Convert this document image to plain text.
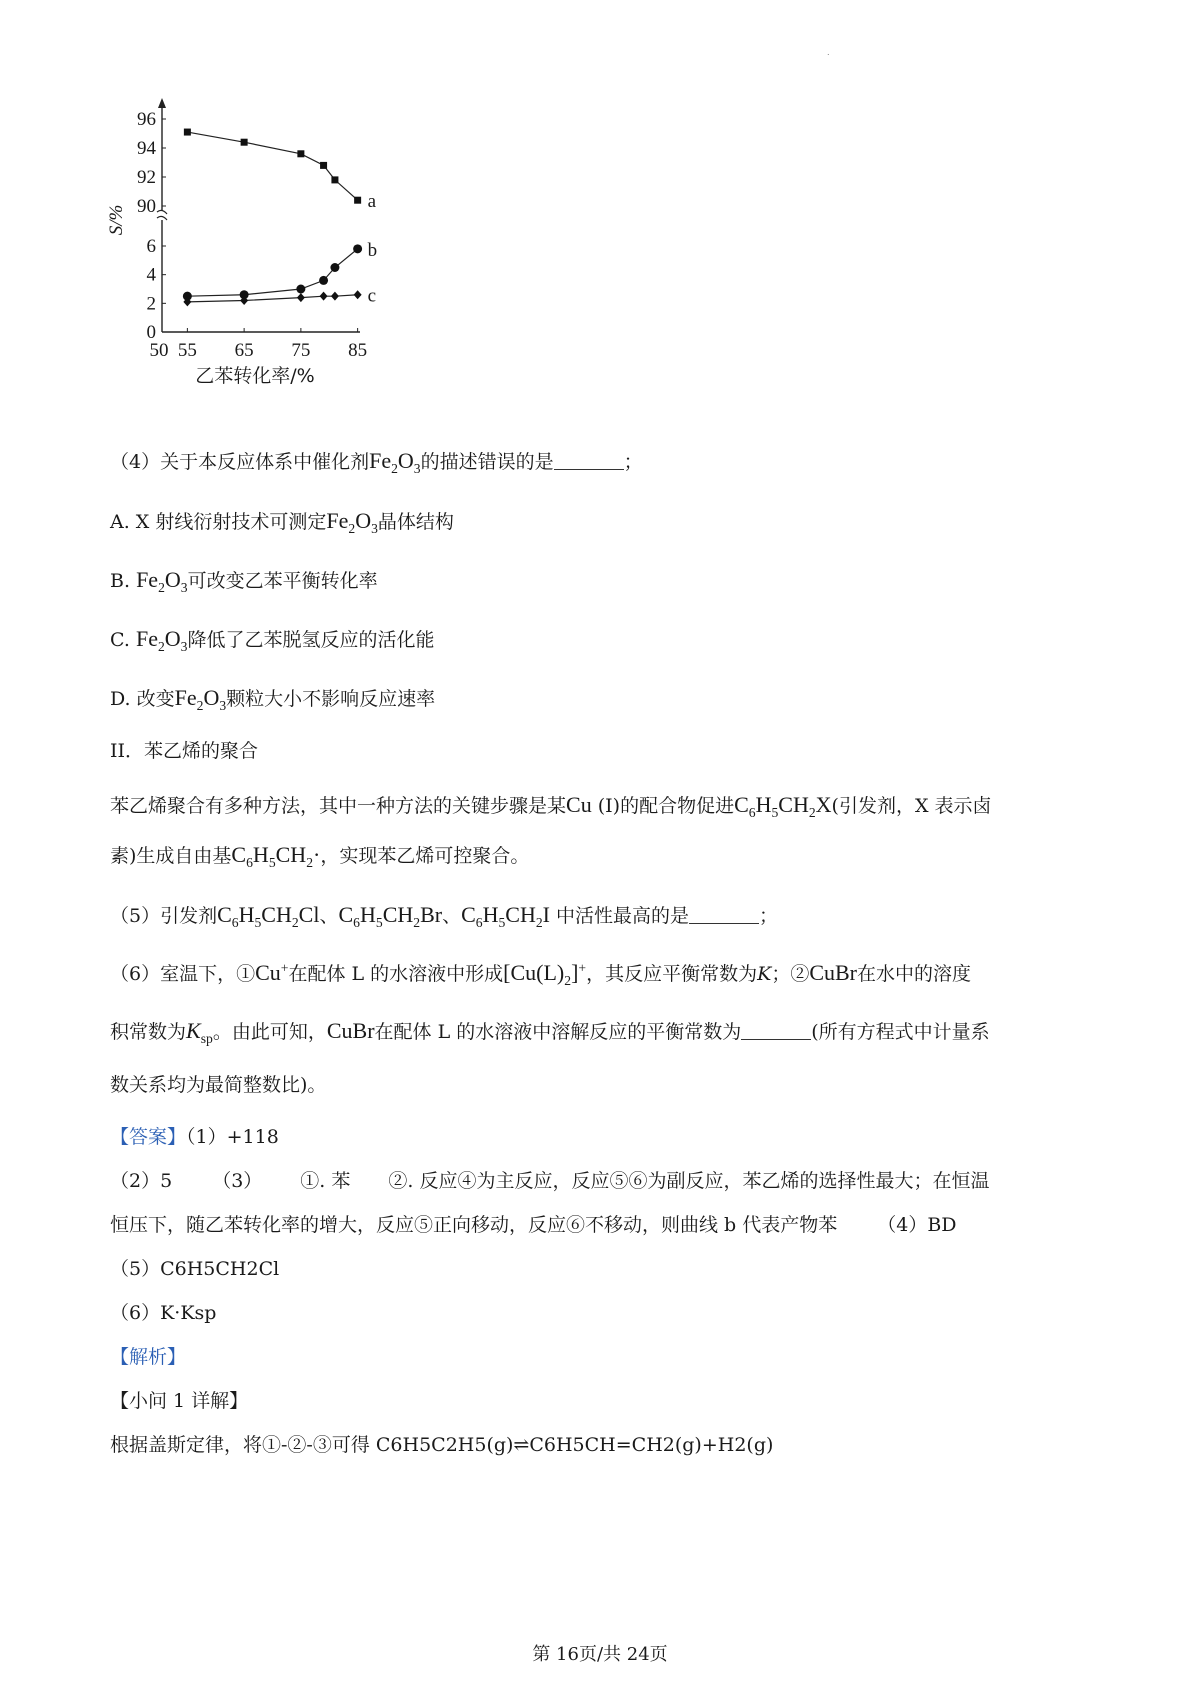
.
0
2
4
6
90
92
94
96
50 55 65 75 85
乙苯转化率/%
S/%
a
b
c
（4）关于本反应体系中催化剂$Fe_2O_3$的描述错误的是	；
A. X 射线衍射技术可测定$Fe_2O_3$晶体结构
B. $Fe_2O_3$可改变乙苯平衡转化率
C. $Fe_2O_3$降低了乙苯脱氢反应的活化能
D. 改变$Fe_2O_3$颗粒大小不影响反应速率
II．苯乙烯的聚合
苯乙烯聚合有多种方法，其中一种方法的关键步骤是某Cu (I)的配合物促进$C_6H_5CH_2X$(引发剂，X 表示卤
素)生成自由基$C_6H_5CH_2\cdot$，实现苯乙烯可控聚合。
（5）引发剂$C_6H_5CH_2Cl$、$C_6H_5CH_2Br$、$C_6H_5CH_2I$ 中活性最高的是	；
（6）室温下，①Cu+在配体 L 的水溶液中形成$[Cu(L)_2]^+$，其反应平衡常数为K；②CuBr在水中的溶度
积常数为$K_{sp}$。由此可知，CuBr在配体 L 的水溶液中溶解反应的平衡常数为	(所有方程式中计量系
数关系均为最简整数比)。
【答案】（1）+118
（2）5 （3） ①. 苯 ②. 反应④为主反应，反应⑤⑥为副反应，苯乙烯的选择性最大；在恒温
恒压下，随乙苯转化率的增大，反应⑤正向移动，反应⑥不移动，则曲线 b 代表产物苯 （4）BD
（5）C6H5CH2Cl
（6）K·Ksp
【解析】
【小问 1 详解】
根据盖斯定律，将①-②-③可得 C6H5C2H5(g)⇌C6H5CH=CH2(g)+H2(g)
第 16页/共 24页
